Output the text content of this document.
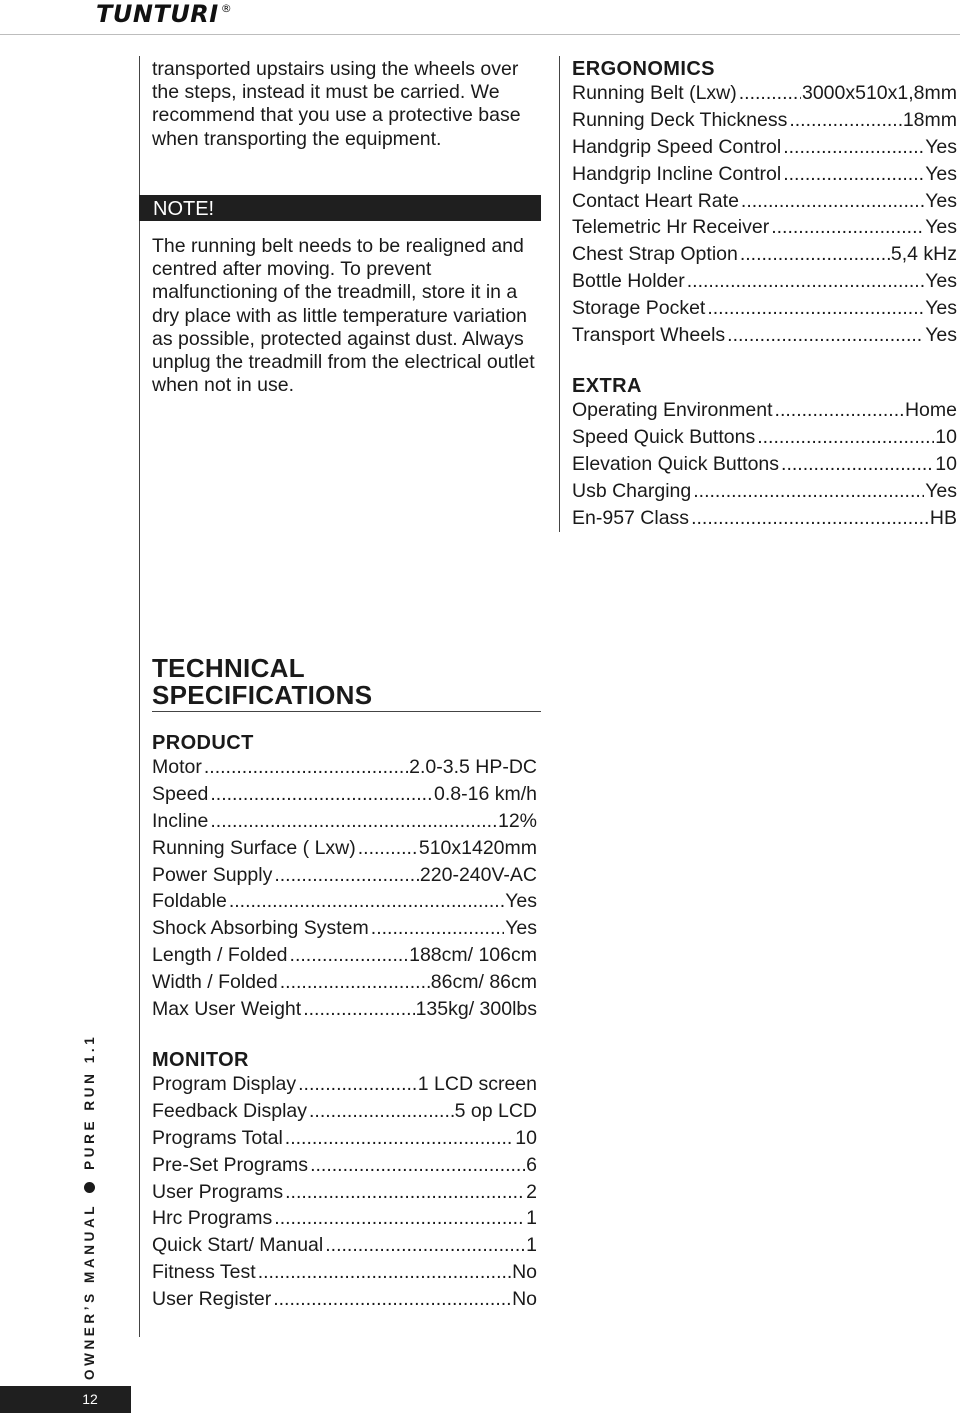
TUNTURI ®
transported upstairs using the wheels over the steps, instead it must be carried. We recommend that you use a protective base when transporting the equipment.
NOTE!
The running belt needs to be realigned and centred after moving. To prevent malfunctioning of the treadmill, store it in a dry place with as little temperature variation as possible, protected against dust. Always unplug the treadmill from the electrical outlet when not in use.
TECHNICAL
SPECIFICATIONS
PRODUCT
Motor .....	2.0-3.5 HP-DC
Speed .....	0.8-16 km/h
Incline .....	12%
Running Surface ( Lxw) .....	510x1420mm
Power Supply .....	220-240V-AC
Foldable .....	Yes
Shock Absorbing System .....	Yes
Length / Folded .....	188cm/ 106cm
Width / Folded .....	86cm/ 86cm
Max User Weight .....	135kg/ 300lbs
MONITOR
Program Display .....	1 LCD screen
Feedback Display .....	5 op LCD
Programs Total .....	10
Pre-Set Programs .....	6
User Programs .....	2
Hrc Programs .....	1
Quick Start/ Manual .....	1
Fitness Test .....	No
User Register .....	No
ERGONOMICS
Running Belt (Lxw) .....	3000x510x1,8mm
Running Deck Thickness .....	18mm
Handgrip Speed Control .....	Yes
Handgrip Incline Control .....	Yes
Contact Heart Rate .....	Yes
Telemetric Hr Receiver .....	Yes
Chest Strap Option .....	5,4 kHz
Bottle Holder .....	Yes
Storage Pocket .....	Yes
Transport Wheels .....	Yes
EXTRA
Operating Environment .....	Home
Speed Quick Buttons .....	10
Elevation Quick Buttons .....	10
Usb Charging .....	Yes
En-957 Class .....	HB
OWNER’S MANUALPURE RUN 1.1
12
